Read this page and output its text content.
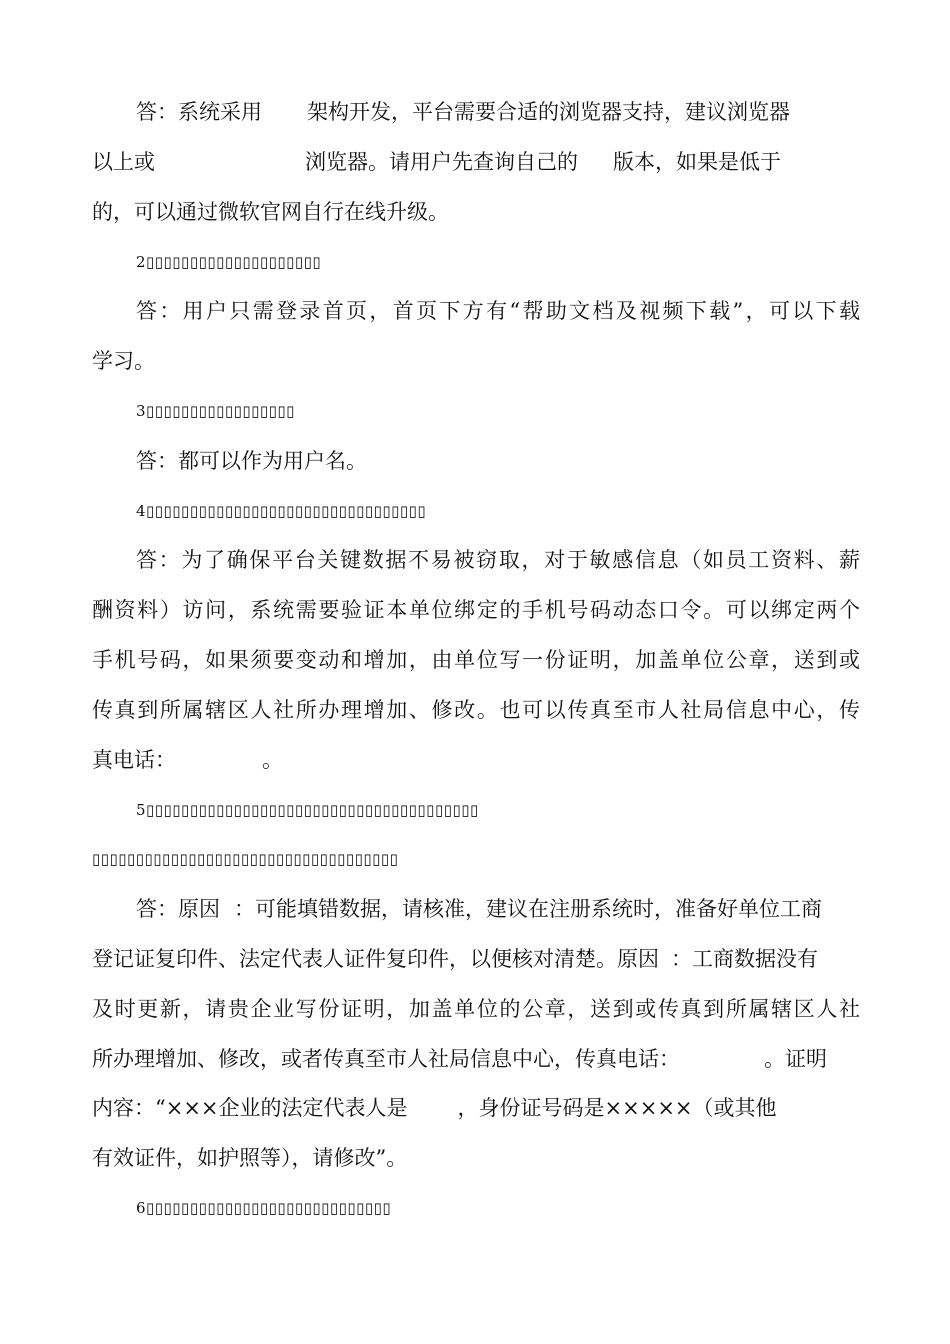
答：系统采用 架构开发，平台需要合适的浏览器支持，建议浏览器
以上或	浏览器。请用户先查询自己的 版本，如果是低于
的，可以通过微软官网自行在线升级。
2▯▯▯▯▯▯▯▯▯▯▯▯▯▯▯▯▯▯▯▯
答：用户只需登录首页，首页下方有“帮助文档及视频下载”，可以下载
学习。
3▯▯▯▯▯▯▯▯▯▯▯▯▯▯▯▯▯
答：都可以作为用户名。
4▯▯▯▯▯▯▯▯▯▯▯▯▯▯▯▯▯▯▯▯▯▯▯▯▯▯▯▯▯▯▯▯
答：为了确保平台关键数据不易被窃取，对于敏感信息（如员工资料、薪
酬资料）访问，系统需要验证本单位绑定的手机号码动态口令。可以绑定两个
手机号码，如果须要变动和增加，由单位写一份证明，加盖单位公章，送到或
传真到所属辖区人社所办理增加、修改。也可以传真至市人社局信息中心，传
真电话：	。
5▯▯▯▯▯▯▯▯▯▯▯▯▯▯▯▯▯▯▯▯▯▯▯▯▯▯▯▯▯▯▯▯▯▯▯▯▯▯
▯▯▯▯▯▯▯▯▯▯▯▯▯▯▯▯▯▯▯▯▯▯▯▯▯▯▯▯▯▯▯▯▯▯▯
答：原因 ：可能填错数据，请核准，建议在注册系统时，准备好单位工商
登记证复印件、法定代表人证件复印件，以便核对清楚。原因 ：工商数据没有
及时更新，请贵企业写份证明，加盖单位的公章，送到或传真到所属辖区人社
所办理增加、修改，或者传真至市人社局信息中心，传真电话：	。证明
内容：“×××企业的法定代表人是 ，身份证号码是×××××（或其他
有效证件，如护照等），请修改”。
6▯▯▯▯▯▯▯▯▯▯▯▯▯▯▯▯▯▯▯▯▯▯▯▯▯▯▯▯
